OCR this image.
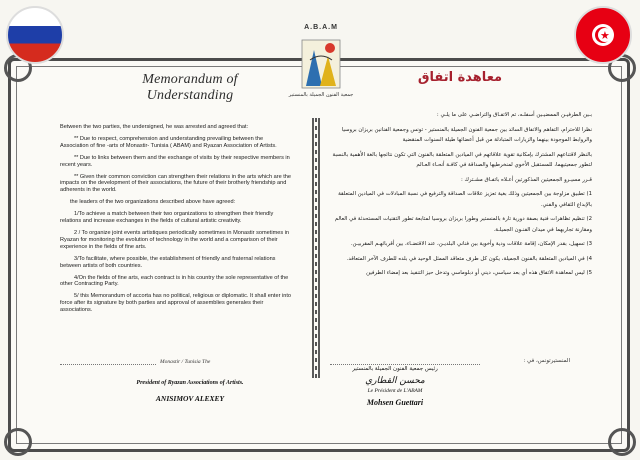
★
A.B.A.M
جمعية الفنون الجميلة بالمنستير
Memorandum of Understanding
معاهدة اتفاق

Between the two parties, the undersigned, he was arrested and agreed that:

** Due to respect, comprehension and understanding prevailing between the Association of fine -arts of Monastir- Tunisia ( ABAM) and Ryazan Association of Artists.

** Due to links between them and the exchange of visits by their respective members in recent years.

** Given their common conviction can strengthen their relations in the arts which are the impacts on the development of their associations, the future of their brotherly friendship and adherents in the world.

the leaders of the two organizations described above have agreed:

1/To achieve a match between their two organizations to strengthen their friendly relations and increase exchanges in the fields of cultural artistic creativity.

2 / To organize joint events artistiques periodically sometimes in Monastir sometimes in Ryazan for monitoring the evolution of technology in the world and a comparison of their experience in the fields of fine arts.

3/To facilitate, where possible, the establishment of friendly and fraternal relations between artists of both countries.

4/On the fields of fine arts, each contract is in his country the sole representative of the other Contracting Party.

5/ this Memorandum of accorta has no political, religious or diplomatic. It shall enter into force after its signature by both parties and approval of assemblies generales their associations.

بـين الطرفيـن الممضيـين أسفلـه، تم الاتفـاق والتراضـي على ما يلـي :

نظرا للاحترام، التفاهم والاتفاق السائد بين جمعية الفنون الجميلة بالمنستير - تونس وجمعية الفنانين بريزان بروسيا والروابط الموجودة بينهما والزيارات المتبادلة من قبل أعضائها طيلة السنوات المنقضية

بالنظر لاقتناعهم المشترك بإمكانية تقوية علاقاتهم في الميادين المتعلقة بالفنون التي تكون نتائجها بالغة الأهمية بالنسبة لتطور جمعيتيهما، للمستقبل الأخوي لمنخرطيها والصداقة في كافـة أنحـاء العـالم

قـرر مسيـرو الجمعيتين المذكورتين أعـلاه باتفـاق مشـترك :

1) تطبيق مزاوجة بين الجمعيتين وذلك بغية تعزيز علاقات الصداقة والترفيع في نسبة المبادلات في الميادين المتعلقة بالإبداع الثقافي والفني.

2) تنظيم تظاهرات فنية بصفة دورية تارة بالمنستير وطورا بريزان بروسيا لمتابعة تطور التقنيات المستحدثة في العالم ومقارنة تجاربهما في ميدان الفنـون الجميلـة.

3) تسهيل، بقدر الإمكان، إقامة علاقات ودية وأخوية بين فناني البلديـن، عند الاقتضـاء، بين أقربائهـم المقربيـن.

4) في الميادين المتعلقة بالفنون الجميلة، يكون كل طرف متعاقد الممثل الوحيد في بلده للطرف الآخر المتعاقد.

5) ليس لمعاهدة الاتفاق هذه أي بعد سياسي، ديني أو دبلوماسي وتدخل حيز التنفيذ بعد إمضاء الطرفين

Monastir / Tunisia The	المنستيرتونس، في :
President of Ryazan Associations of Artists.
ANISIMOV ALEXEY
رئيس جمعية الفنون الجميلة بالمنستير
محسن القطاري
Le Président de L'ABAM
Mohsen Guettari
